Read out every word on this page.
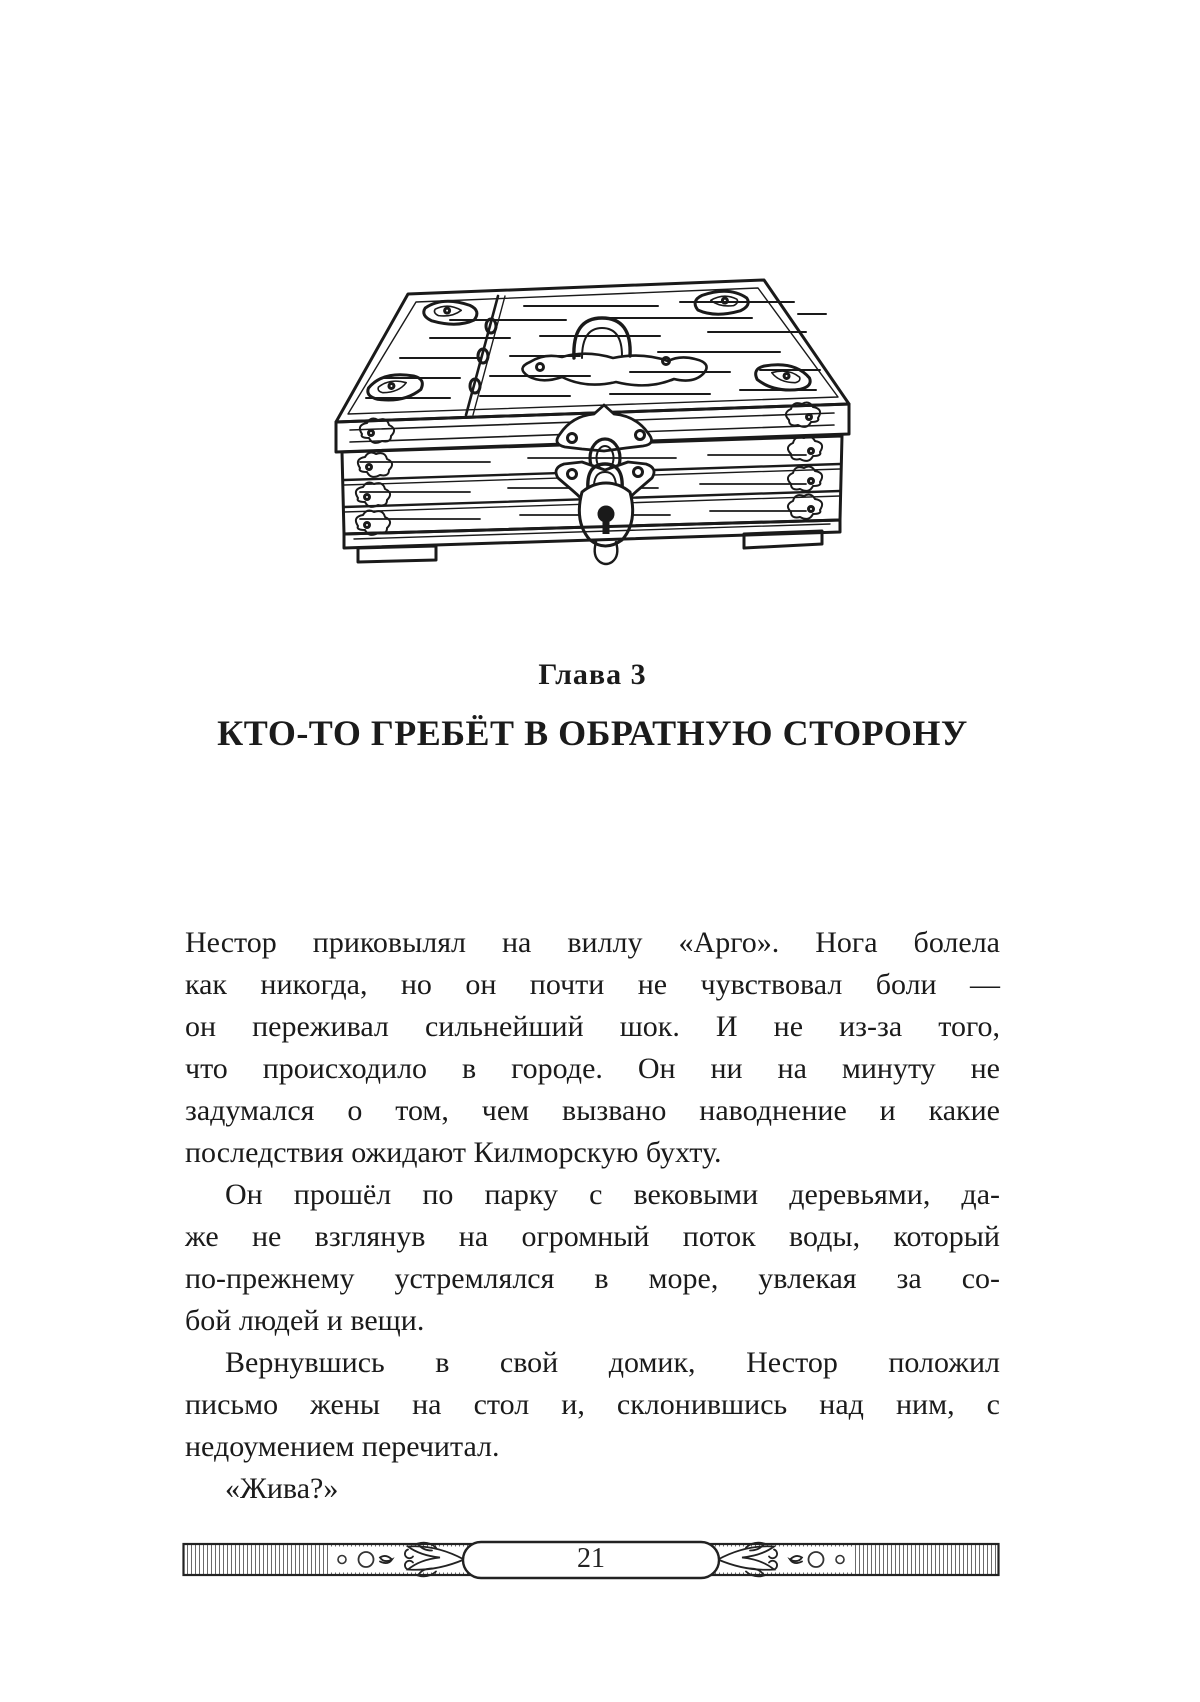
Глава 3
КТО-ТО ГРЕБЁТ В ОБРАТНУЮ СТОРОНУ
Нестор приковылял на виллу «Арго». Нога болела
как никогда, но он почти не чувствовал боли —
он переживал сильнейший шок. И не из-за того,
что происходило в городе. Он ни на минуту не
задумался о том, чем вызвано наводнение и какие
последствия ожидают Килморскую бухту.
Он прошёл по парку с вековыми деревьями, да-
же не взглянув на огромный поток воды, который
по-прежнему устремлялся в море, увлекая за со-
бой людей и вещи.
Вернувшись в свой домик, Нестор положил
письмо жены на стол и, склонившись над ним, с
недоумением перечитал.
«Жива?»
21
